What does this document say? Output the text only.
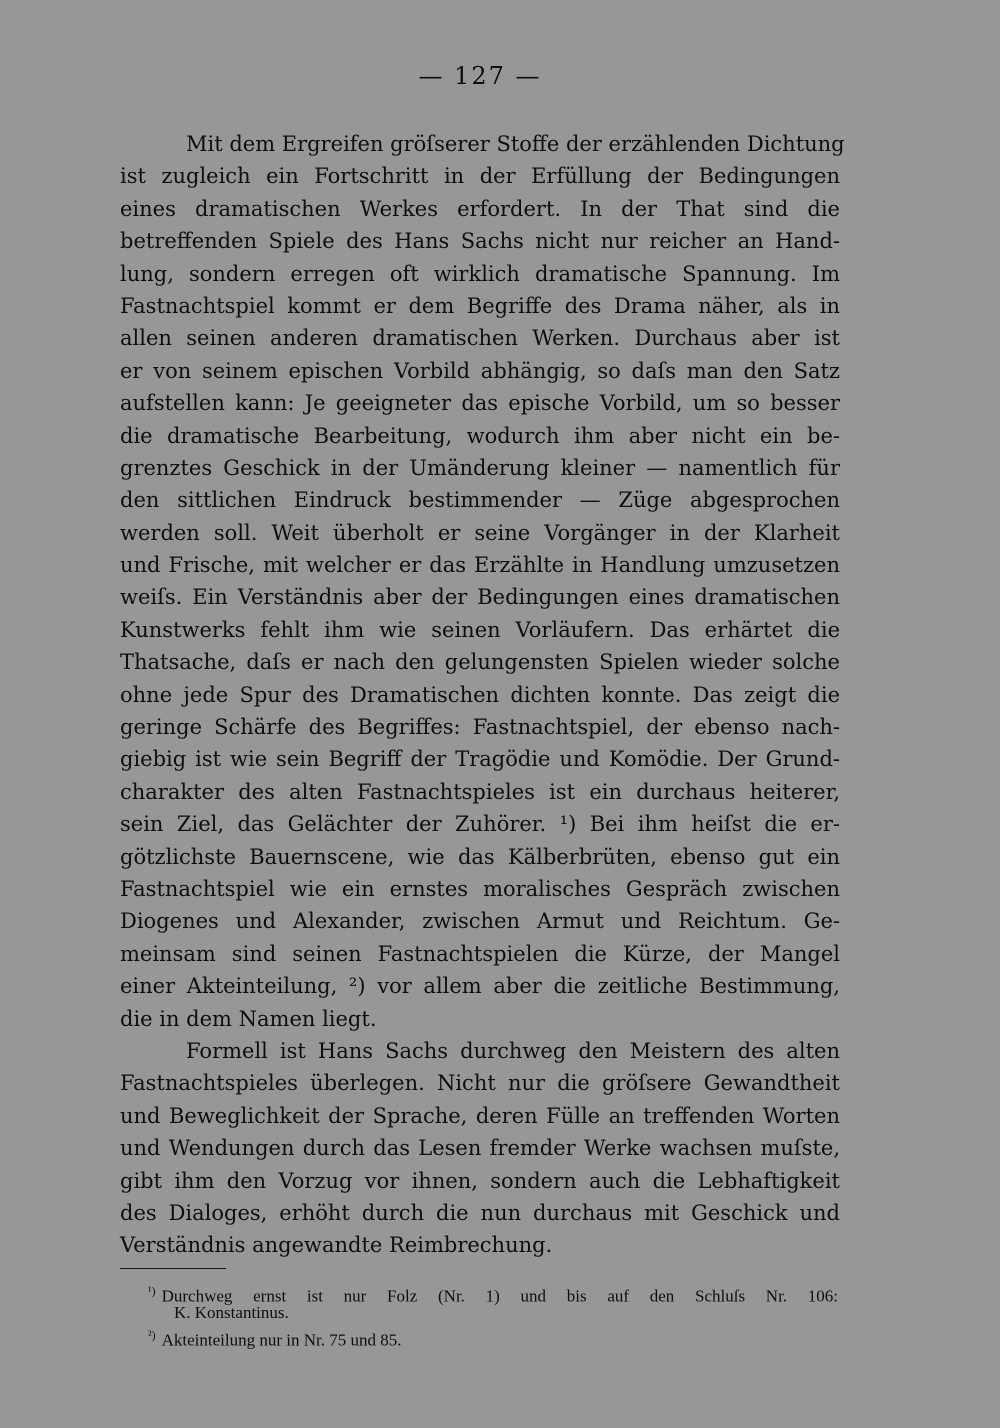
— 127 —
Mit dem Ergreifen gröſserer Stoffe der erzählenden Dichtung
ist zugleich ein Fortschritt in der Erfüllung der Bedingungen
eines dramatischen Werkes erfordert. In der That sind die
betreffenden Spiele des Hans Sachs nicht nur reicher an Hand-
lung, sondern erregen oft wirklich dramatische Spannung. Im
Fastnachtspiel kommt er dem Begriffe des Drama näher, als in
allen seinen anderen dramatischen Werken. Durchaus aber ist
er von seinem epischen Vorbild abhängig, so daſs man den Satz
aufstellen kann: Je geeigneter das epische Vorbild, um so besser
die dramatische Bearbeitung, wodurch ihm aber nicht ein be-
grenztes Geschick in der Umänderung kleiner — namentlich für
den sittlichen Eindruck bestimmender — Züge abgesprochen
werden soll. Weit überholt er seine Vorgänger in der Klarheit
und Frische, mit welcher er das Erzählte in Handlung umzusetzen
weiſs. Ein Verständnis aber der Bedingungen eines dramatischen
Kunstwerks fehlt ihm wie seinen Vorläufern. Das erhärtet die
Thatsache, daſs er nach den gelungensten Spielen wieder solche
ohne jede Spur des Dramatischen dichten konnte. Das zeigt die
geringe Schärfe des Begriffes: Fastnachtspiel, der ebenso nach-
giebig ist wie sein Begriff der Tragödie und Komödie. Der Grund-
charakter des alten Fastnachtspieles ist ein durchaus heiterer,
sein Ziel, das Gelächter der Zuhörer. ¹) Bei ihm heiſst die er-
götzlichste Bauernscene, wie das Kälberbrüten, ebenso gut ein
Fastnachtspiel wie ein ernstes moralisches Gespräch zwischen
Diogenes und Alexander, zwischen Armut und Reichtum. Ge-
meinsam sind seinen Fastnachtspielen die Kürze, der Mangel
einer Akteinteilung, ²) vor allem aber die zeitliche Bestimmung,
die in dem Namen liegt.
Formell ist Hans Sachs durchweg den Meistern des alten
Fastnachtspieles überlegen. Nicht nur die gröſsere Gewandtheit
und Beweglichkeit der Sprache, deren Fülle an treffenden Worten
und Wendungen durch das Lesen fremder Werke wachsen muſste,
gibt ihm den Vorzug vor ihnen, sondern auch die Lebhaftigkeit
des Dialoges, erhöht durch die nun durchaus mit Geschick und
Verständnis angewandte Reimbrechung.
$^{^1)}$ Durchweg ernst ist nur Folz (Nr. 1) und bis auf den Schluſs Nr. 106:
K. Konstantinus.
$^{^2)}$ Akteinteilung nur in Nr. 75 und 85.
